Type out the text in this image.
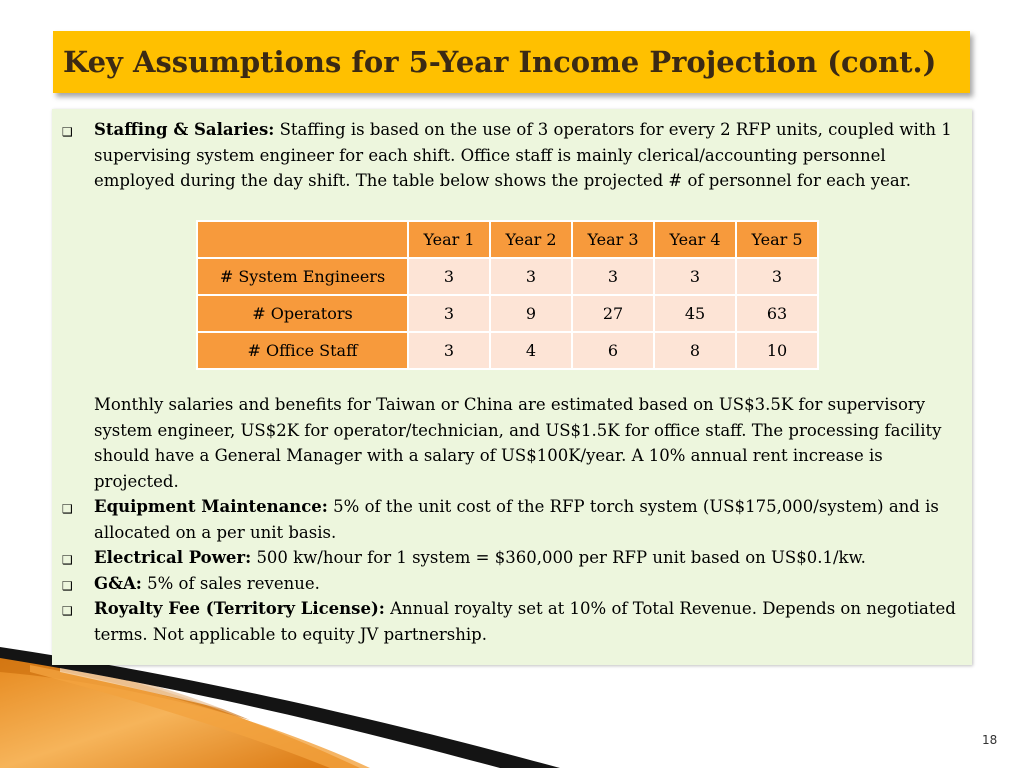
Key Assumptions for 5-Year Income Projection (cont.)
❑ Staffing & Salaries: Staffing is based on the use of 3 operators for every 2 RFP units, coupled with 1 supervising system engineer for each shift. Office staff is mainly clerical/accounting personnel employed during the day shift. The table below shows the projected # of personnel for each year.
	Year 1	Year 2	Year 3	Year 4	Year 5
# System Engineers	3	3	3	3	3
# Operators	3	9	27	45	63
# Office Staff	3	4	6	8	10
Monthly salaries and benefits for Taiwan or China are estimated based on US$3.5K for supervisory system engineer, US$2K for operator/technician, and US$1.5K for office staff. The processing facility should have a General Manager with a salary of US$100K/year. A 10% annual rent increase is projected.
❑ Equipment Maintenance: 5% of the unit cost of the RFP torch system (US$175,000/system) and is allocated on a per unit basis.
❑ Electrical Power: 500 kw/hour for 1 system = $360,000 per RFP unit based on US$0.1/kw.
❑ G&A: 5% of sales revenue.
❑ Royalty Fee (Territory License): Annual royalty set at 10% of Total Revenue. Depends on negotiated terms. Not applicable to equity JV partnership.
18
